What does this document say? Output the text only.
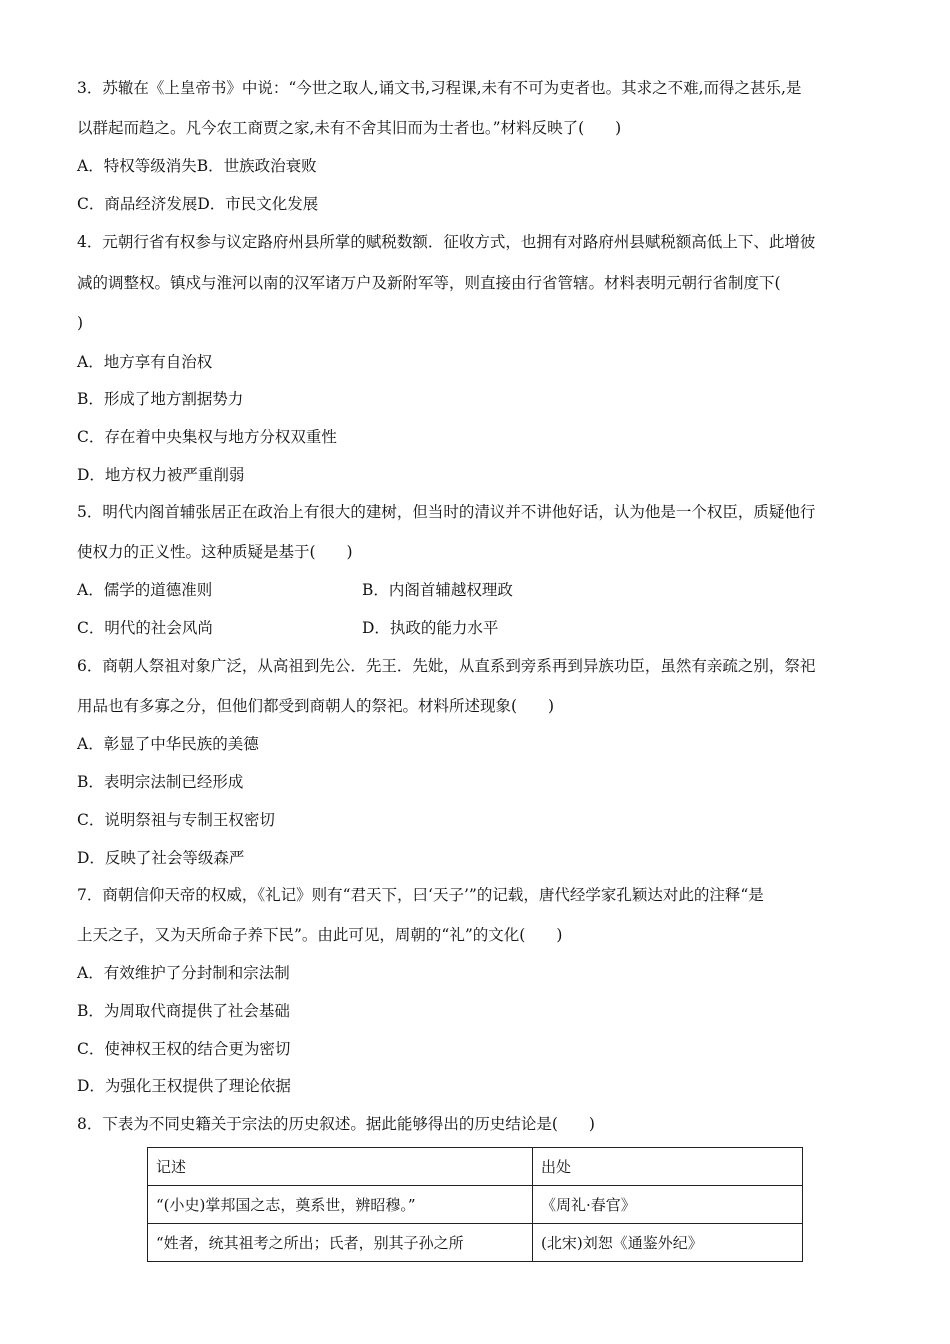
3．苏辙在《上皇帝书》中说：“今世之取人,诵文书,习程课,未有不可为吏者也。其求之不难,而得之甚乐,是
以群起而趋之。凡今农工商贾之家,未有不舍其旧而为士者也。”材料反映了(　　)
A．特权等级消失B．世族政治衰败
C．商品经济发展D．市民文化发展
4．元朝行省有权参与议定路府州县所掌的赋税数额．征收方式，也拥有对路府州县赋税额高低上下、此增彼
减的调整权。镇戍与淮河以南的汉军诸万户及新附军等，则直接由行省管辖。材料表明元朝行省制度下(
)
A．地方享有自治权
B．形成了地方割据势力
C．存在着中央集权与地方分权双重性
D．地方权力被严重削弱
5．明代内阁首辅张居正在政治上有很大的建树，但当时的清议并不讲他好话，认为他是一个权臣，质疑他行
使权力的正义性。这种质疑是基于(　　)
A．儒学的道德准则	B．内阁首辅越权理政
C．明代的社会风尚	D．执政的能力水平
6．商朝人祭祖对象广泛，从高祖到先公．先王．先妣，从直系到旁系再到异族功臣，虽然有亲疏之别，祭祀
用品也有多寡之分，但他们都受到商朝人的祭祀。材料所述现象(　　)
A．彰显了中华民族的美德
B．表明宗法制已经形成
C．说明祭祖与专制王权密切
D．反映了社会等级森严
7．商朝信仰天帝的权威，《礼记》则有“君天下，曰‘天子’”的记载，唐代经学家孔颖达对此的注释“是
上天之子，又为天所命子养下民”。由此可见，周朝的“礼”的文化(　　)
A．有效维护了分封制和宗法制
B．为周取代商提供了社会基础
C．使神权王权的结合更为密切
D．为强化王权提供了理论依据
8．下表为不同史籍关于宗法的历史叙述。据此能够得出的历史结论是(　　)
记述	出处
“(小史)掌邦国之志，奠系世，辨昭穆。”	《周礼·春官》
“姓者，统其祖考之所出；氏者，别其子孙之所	(北宋)刘恕《通鉴外纪》
